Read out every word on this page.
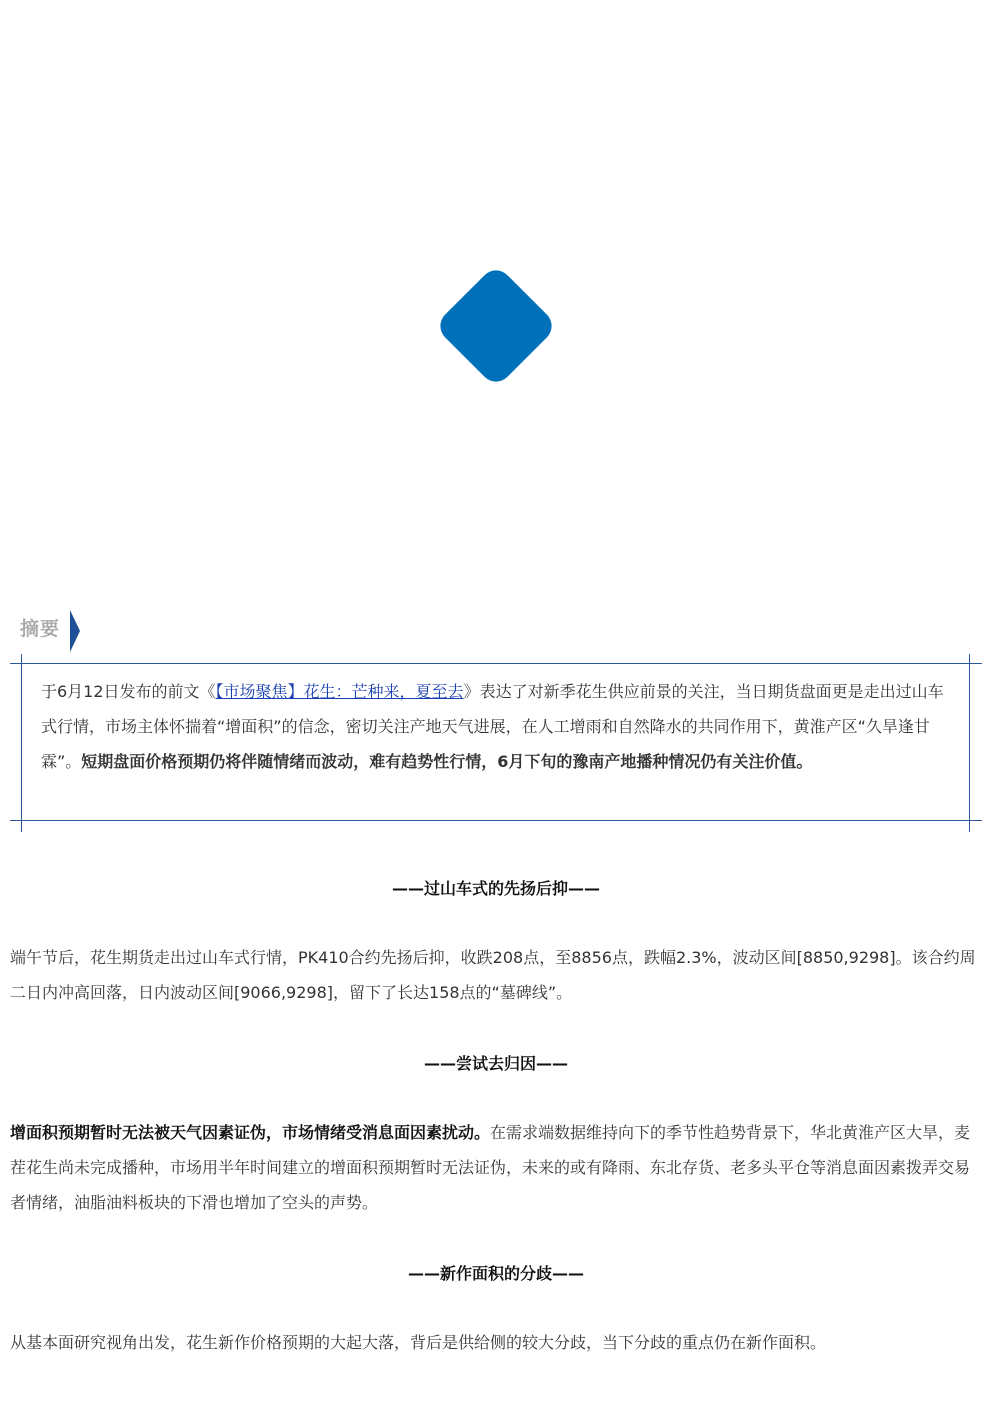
摘要
于6月12日发布的前文《【市场聚焦】花生：芒种来，夏至去》表达了对新季花生供应前景的关注，当日期货盘面更是走出过山车式行情，市场主体怀揣着“增面积”的信念，密切关注产地天气进展，在人工增雨和自然降水的共同作用下，黄淮产区“久旱逢甘霖”。短期盘面价格预期仍将伴随情绪而波动，难有趋势性行情，6月下旬的豫南产地播种情况仍有关注价值。
——过山车式的先扬后抑——
端午节后，花生期货走出过山车式行情，PK410合约先扬后抑，收跌208点，至8856点，跌幅2.3%，波动区间[8850,9298]。该合约周二日内冲高回落，日内波动区间[9066,9298]，留下了长达158点的“墓碑线”。
——尝试去归因——
增面积预期暂时无法被天气因素证伪，市场情绪受消息面因素扰动。在需求端数据维持向下的季节性趋势背景下，华北黄淮产区大旱，麦茬花生尚未完成播种，市场用半年时间建立的增面积预期暂时无法证伪，未来的或有降雨、东北存货、老多头平仓等消息面因素拨弄交易者情绪，油脂油料板块的下滑也增加了空头的声势。
——新作面积的分歧——
从基本面研究视角出发，花生新作价格预期的大起大落，背后是供给侧的较大分歧，当下分歧的重点仍在新作面积。
